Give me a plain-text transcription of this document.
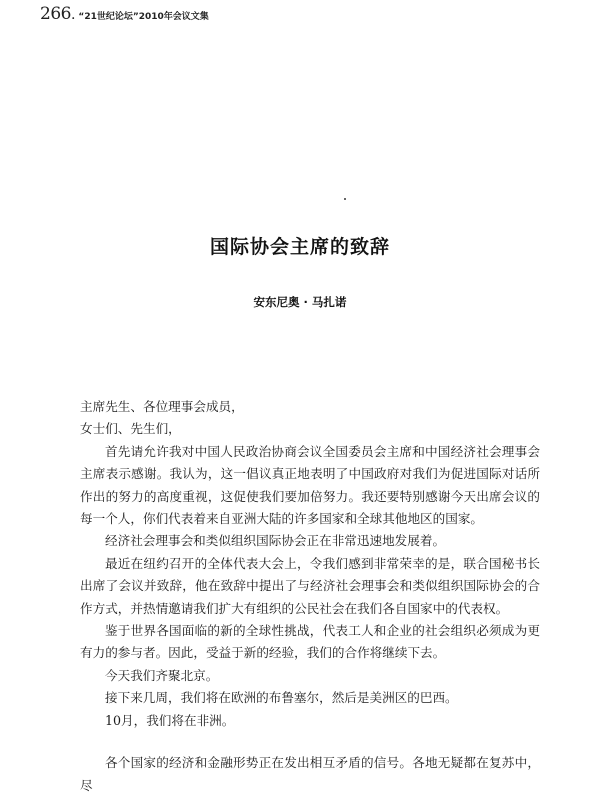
266. “21世纪论坛”2010年会议文集
国际协会主席的致辞
安东尼奥 · 马扎诺

主席先生、各位理事会成员，

女士们、先生们，

首先请允许我对中国人民政治协商会议全国委员会主席和中国经济社会理事会主席表示感谢。我认为，这一倡议真正地表明了中国政府对我们为促进国际对话所作出的努力的高度重视，这促使我们要加倍努力。我还要特别感谢今天出席会议的每一个人，你们代表着来自亚洲大陆的许多国家和全球其他地区的国家。

经济社会理事会和类似组织国际协会正在非常迅速地发展着。

最近在纽约召开的全体代表大会上，令我们感到非常荣幸的是，联合国秘书长出席了会议并致辞，他在致辞中提出了与经济社会理事会和类似组织国际协会的合作方式，并热情邀请我们扩大有组织的公民社会在我们各自国家中的代表权。

鉴于世界各国面临的新的全球性挑战，代表工人和企业的社会组织必须成为更有力的参与者。因此，受益于新的经验，我们的合作将继续下去。

今天我们齐聚北京。

接下来几周，我们将在欧洲的布鲁塞尔，然后是美洲区的巴西。

10月，我们将在非洲。

各个国家的经济和金融形势正在发出相互矛盾的信号。各地无疑都在复苏中，尽
